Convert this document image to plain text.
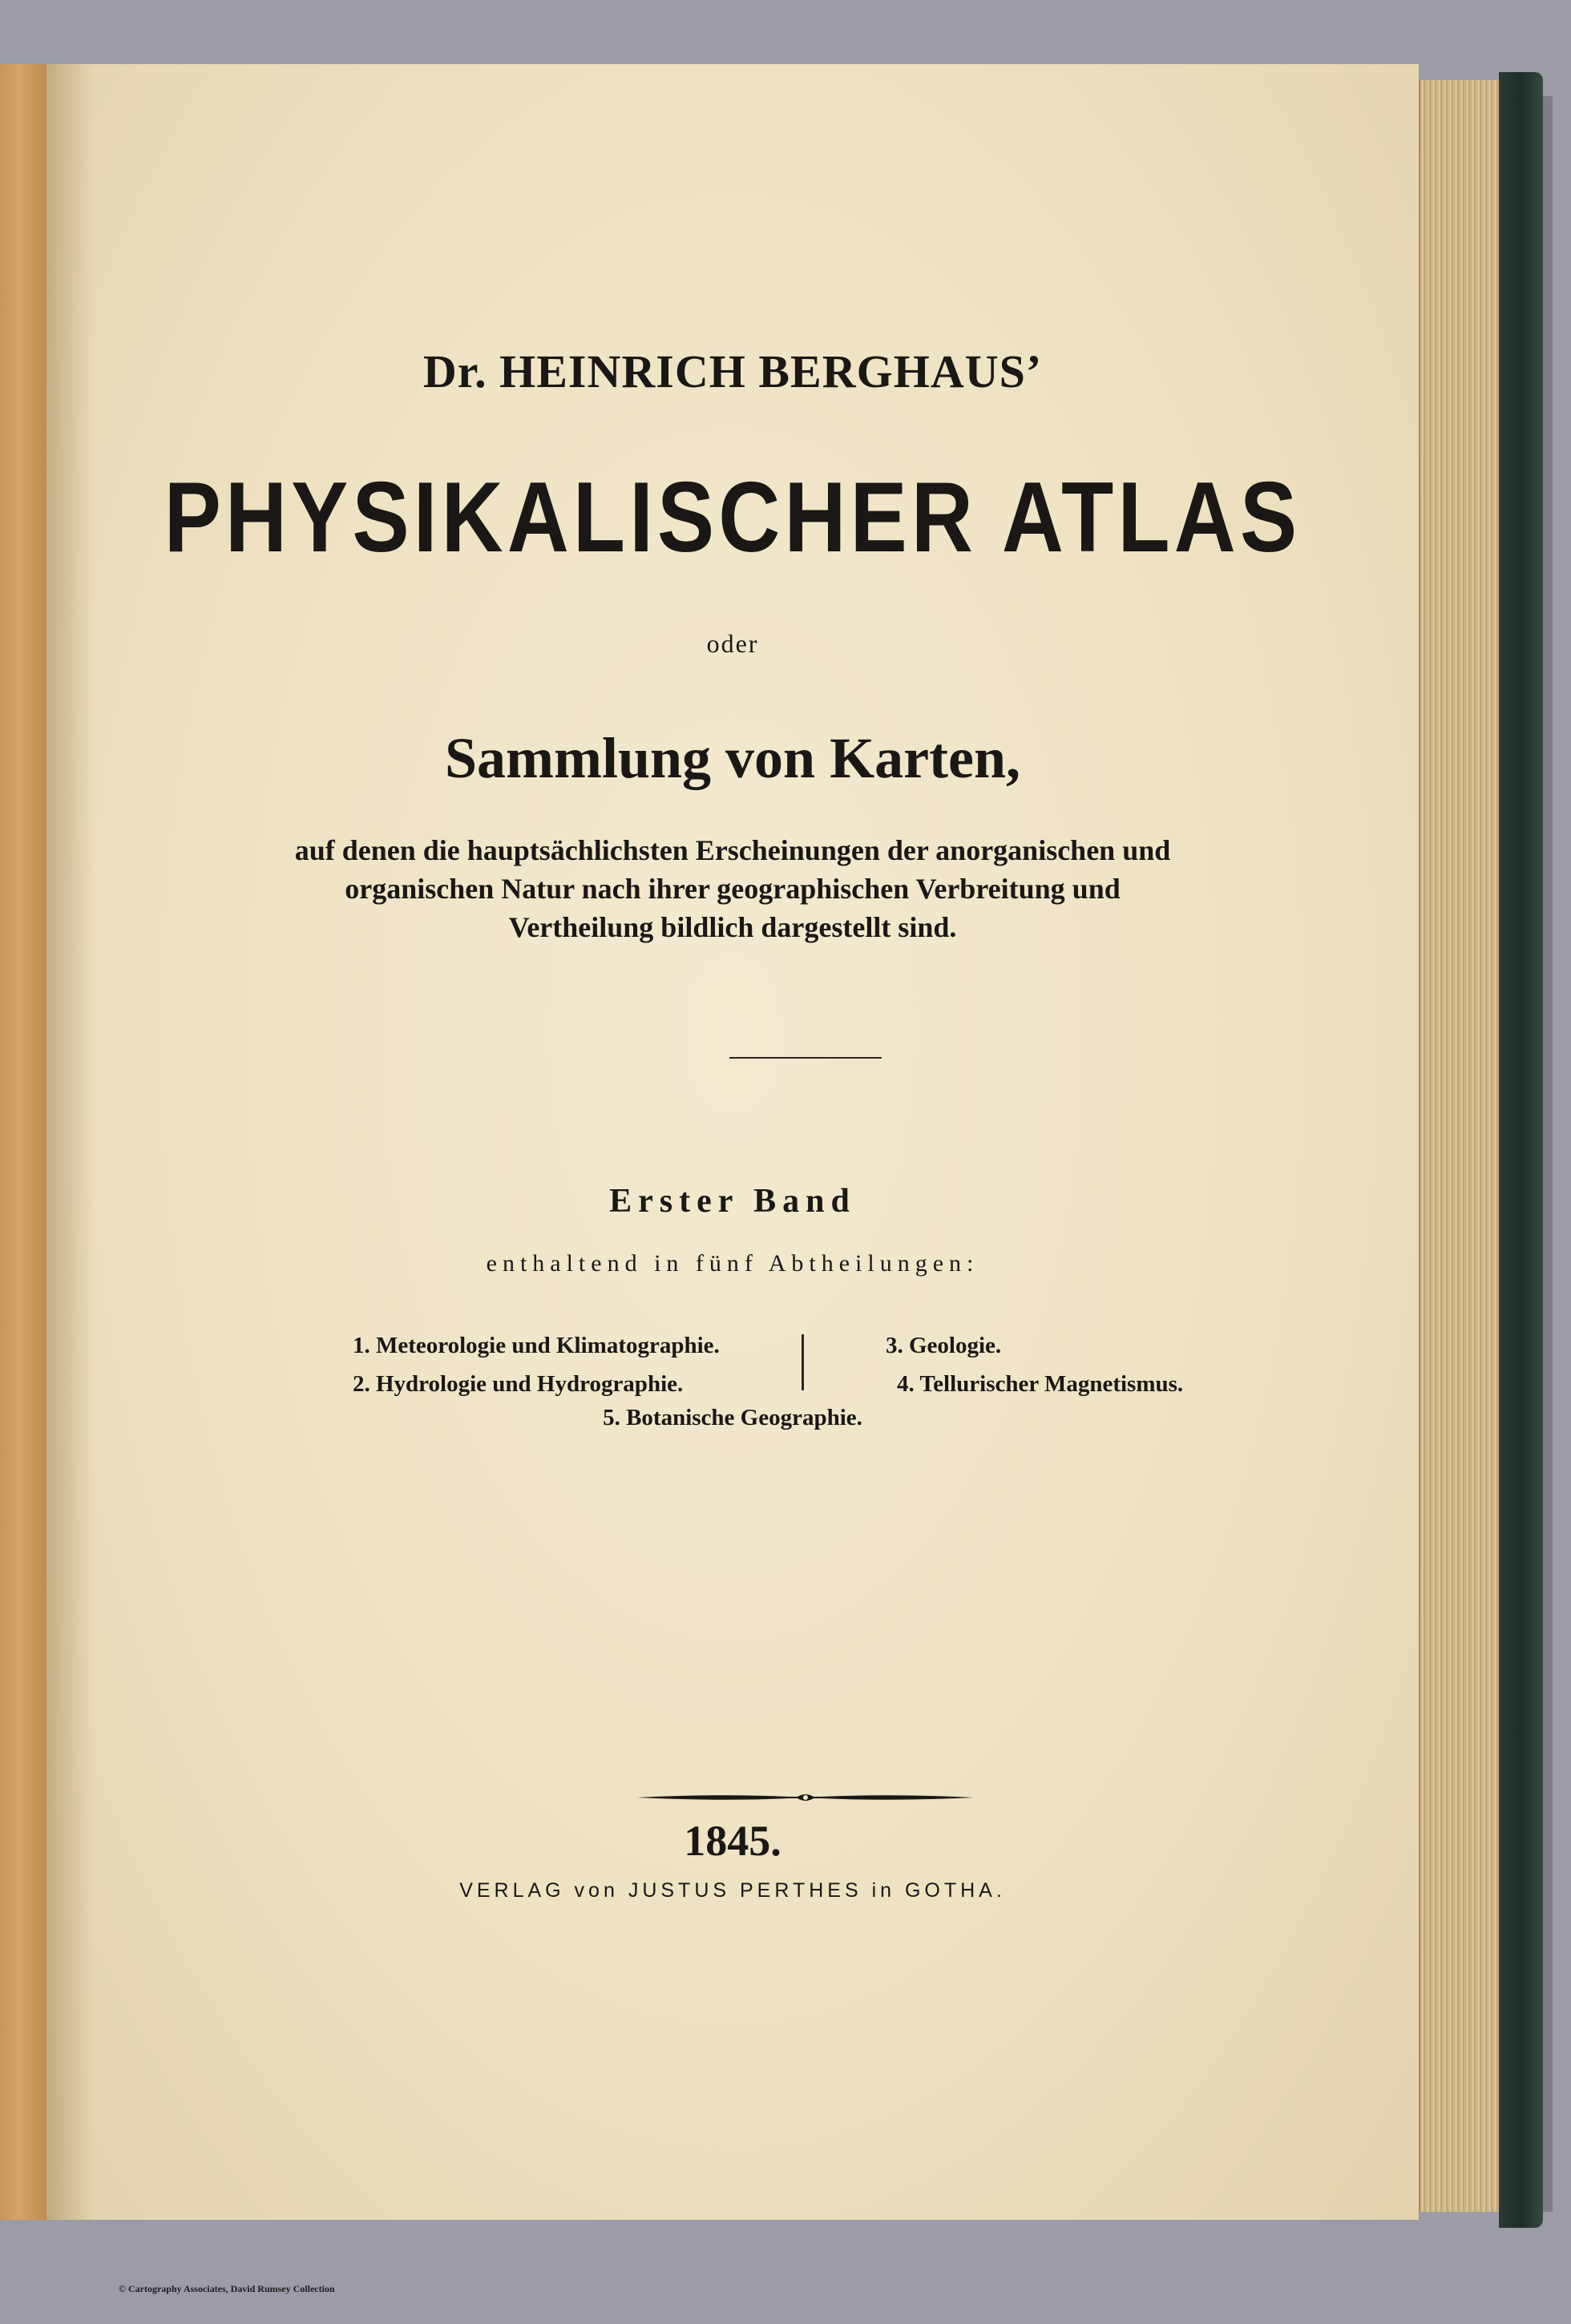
Dr. HEINRICH BERGHAUS’
PHYSIKALISCHER ATLAS
oder
Sammlung von Karten,
auf denen die hauptsächlichsten Erscheinungen der anorganischen und
organischen Natur nach ihrer geographischen Verbreitung und
Vertheilung bildlich dargestellt sind.
Erster Band
enthaltend in fünf Abtheilungen:
1. Meteorologie und Klimatographie.
2. Hydrologie und Hydrographie.
3. Geologie.
4. Tellurischer Magnetismus.
5. Botanische Geographie.
1845.
VERLAG von JUSTUS PERTHES in GOTHA.
© Cartography Associates, David Rumsey Collection
